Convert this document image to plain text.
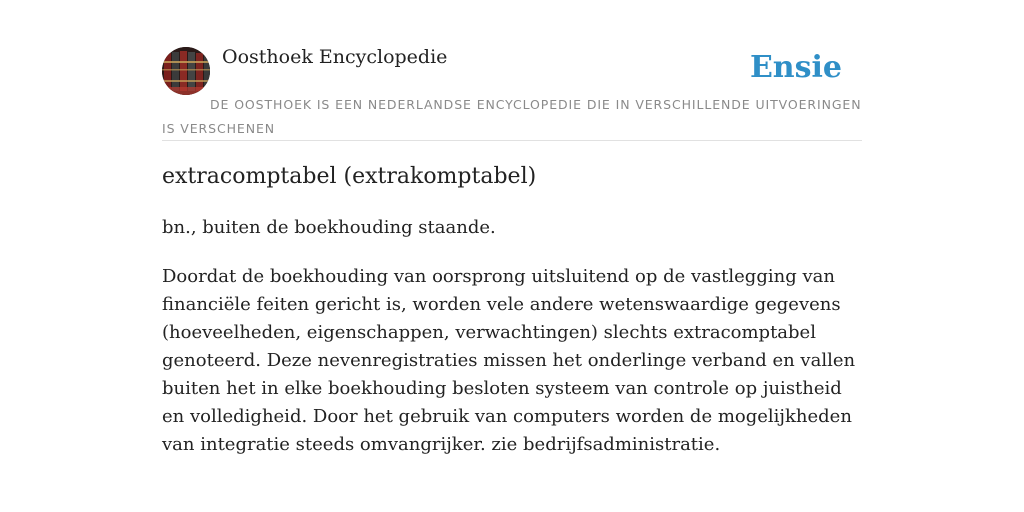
Oosthoek Encyclopedie	Ensie
DE OOSTHOEK IS EEN NEDERLANDSE ENCYCLOPEDIE DIE IN VERSCHILLENDE UITVOERINGEN IS VERSCHENEN
extracomptabel (extrakomptabel)
bn., buiten de boekhouding staande.
Doordat de boekhouding van oorsprong uitsluitend op de vastlegging van financiële feiten gericht is, worden vele andere wetenswaardige gegevens (hoeveelheden, eigenschappen, verwachtingen) slechts extracomptabel genoteerd. Deze nevenregistraties missen het onderlinge verband en vallen buiten het in elke boekhouding besloten systeem van controle op juistheid en volledigheid. Door het gebruik van computers worden de mogelijkheden van integratie steeds omvangrijker. zie bedrijfsadministratie.
